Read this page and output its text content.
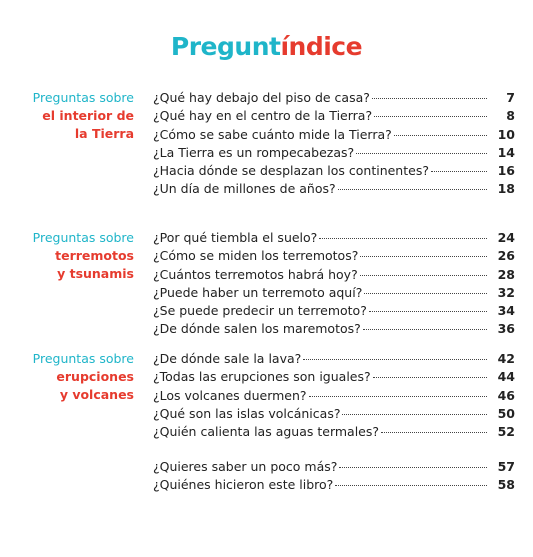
Preguntíndice
Preguntas sobre
el interior de
la Tierra
¿Qué hay debajo del piso de casa?	7
¿Qué hay en el centro de la Tierra?	8
¿Cómo se sabe cuánto mide la Tierra?	10
¿La Tierra es un rompecabezas?	14
¿Hacia dónde se desplazan los continentes?	16
¿Un día de millones de años?	18
Preguntas sobre
terremotos
y tsunamis
¿Por qué tiembla el suelo?	24
¿Cómo se miden los terremotos?	26
¿Cuántos terremotos habrá hoy?	28
¿Puede haber un terremoto aquí?	32
¿Se puede predecir un terremoto?	34
¿De dónde salen los maremotos?	36
Preguntas sobre
erupciones
y volcanes
¿De dónde sale la lava?	42
¿Todas las erupciones son iguales?	44
¿Los volcanes duermen?	46
¿Qué son las islas volcánicas?	50
¿Quién calienta las aguas termales?	52
¿Quieres saber un poco más?	57
¿Quiénes hicieron este libro?	58
